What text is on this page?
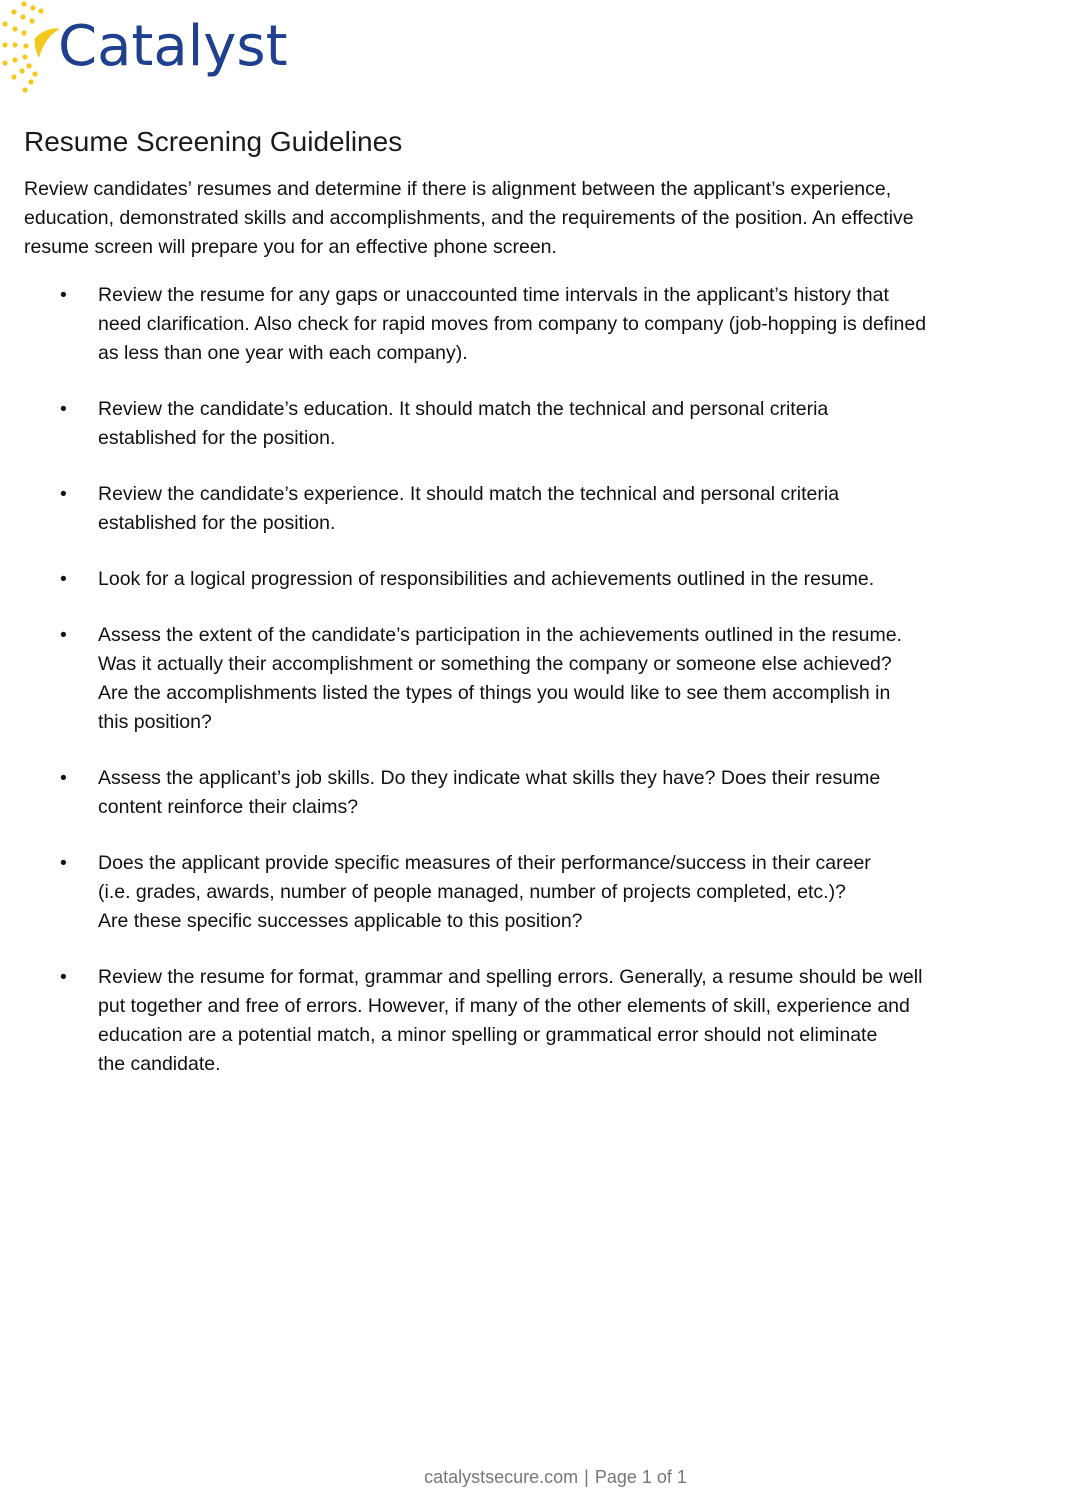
Catalyst
Resume Screening Guidelines

Review candidates’ resumes and determine if there is alignment between the applicant’s experience,
education, demonstrated skills and accomplishments, and the requirements of the position. An effective
resume screen will prepare you for an effective phone screen.

• Review the resume for any gaps or unaccounted time intervals in the applicant’s history that
need clarification. Also check for rapid moves from company to company (job-hopping is defined
as less than one year with each company).
• Review the candidate’s education. It should match the technical and personal criteria
established for the position.
• Review the candidate’s experience. It should match the technical and personal criteria
established for the position.
• Look for a logical progression of responsibilities and achievements outlined in the resume.
• Assess the extent of the candidate’s participation in the achievements outlined in the resume.
Was it actually their accomplishment or something the company or someone else achieved?
Are the accomplishments listed the types of things you would like to see them accomplish in
this position?
• Assess the applicant’s job skills. Do they indicate what skills they have? Does their resume
content reinforce their claims?
• Does the applicant provide specific measures of their performance/success in their career
(i.e. grades, awards, number of people managed, number of projects completed, etc.)?
Are these specific successes applicable to this position?
• Review the resume for format, grammar and spelling errors. Generally, a resume should be well
put together and free of errors. However, if many of the other elements of skill, experience and
education are a potential match, a minor spelling or grammatical error should not eliminate
the candidate.
catalystsecure.com | Page 1 of 1
